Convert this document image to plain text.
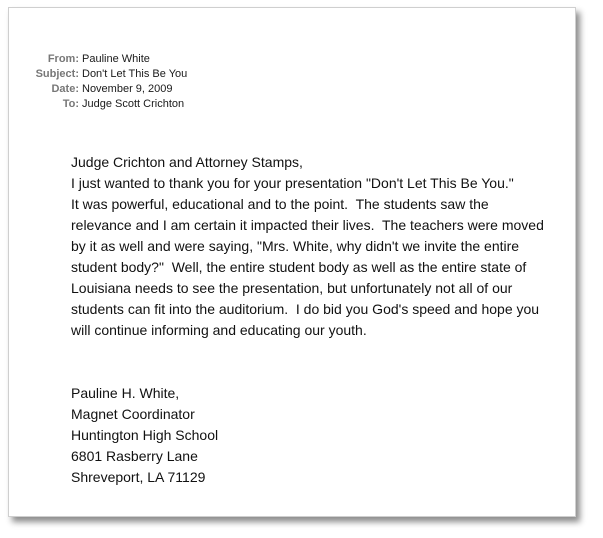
From: Pauline White
Subject: Don't Let This Be You
Date: November 9, 2009
To: Judge Scott Crichton
Judge Crichton and Attorney Stamps,
I just wanted to thank you for your presentation "Don't Let This Be You."
It was powerful, educational and to the point.  The students saw the
relevance and I am certain it impacted their lives.  The teachers were moved
by it as well and were saying, "Mrs. White, why didn't we invite the entire
student body?"  Well, the entire student body as well as the entire state of
Louisiana needs to see the presentation, but unfortunately not all of our
students can fit into the auditorium.  I do bid you God's speed and hope you
will continue informing and educating our youth.
Pauline H. White,
Magnet Coordinator
Huntington High School
6801 Rasberry Lane
Shreveport, LA 71129
